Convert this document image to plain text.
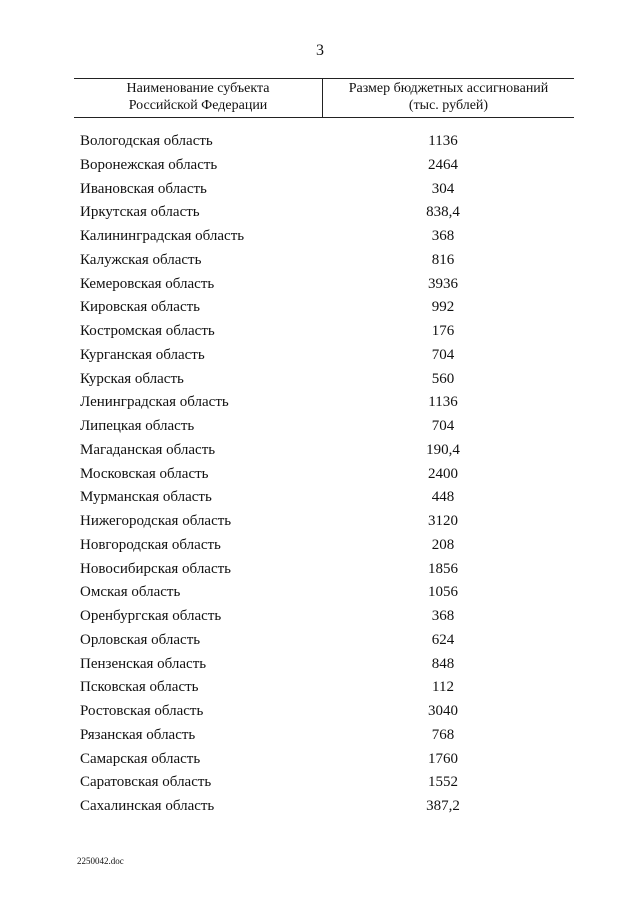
3
Наименование субъекта
Российской Федерации
Размер бюджетных ассигнований
(тыс. рублей)
Вологодская область	1136
Воронежская область	2464
Ивановская область	304
Иркутская область	838,4
Калининградская область	368
Калужская область	816
Кемеровская область	3936
Кировская область	992
Костромская область	176
Курганская область	704
Курская область	560
Ленинградская область	1136
Липецкая область	704
Магаданская область	190,4
Московская область	2400
Мурманская область	448
Нижегородская область	3120
Новгородская область	208
Новосибирская область	1856
Омская область	1056
Оренбургская область	368
Орловская область	624
Пензенская область	848
Псковская область	112
Ростовская область	3040
Рязанская область	768
Самарская область	1760
Саратовская область	1552
Сахалинская область	387,2
2250042.doc
